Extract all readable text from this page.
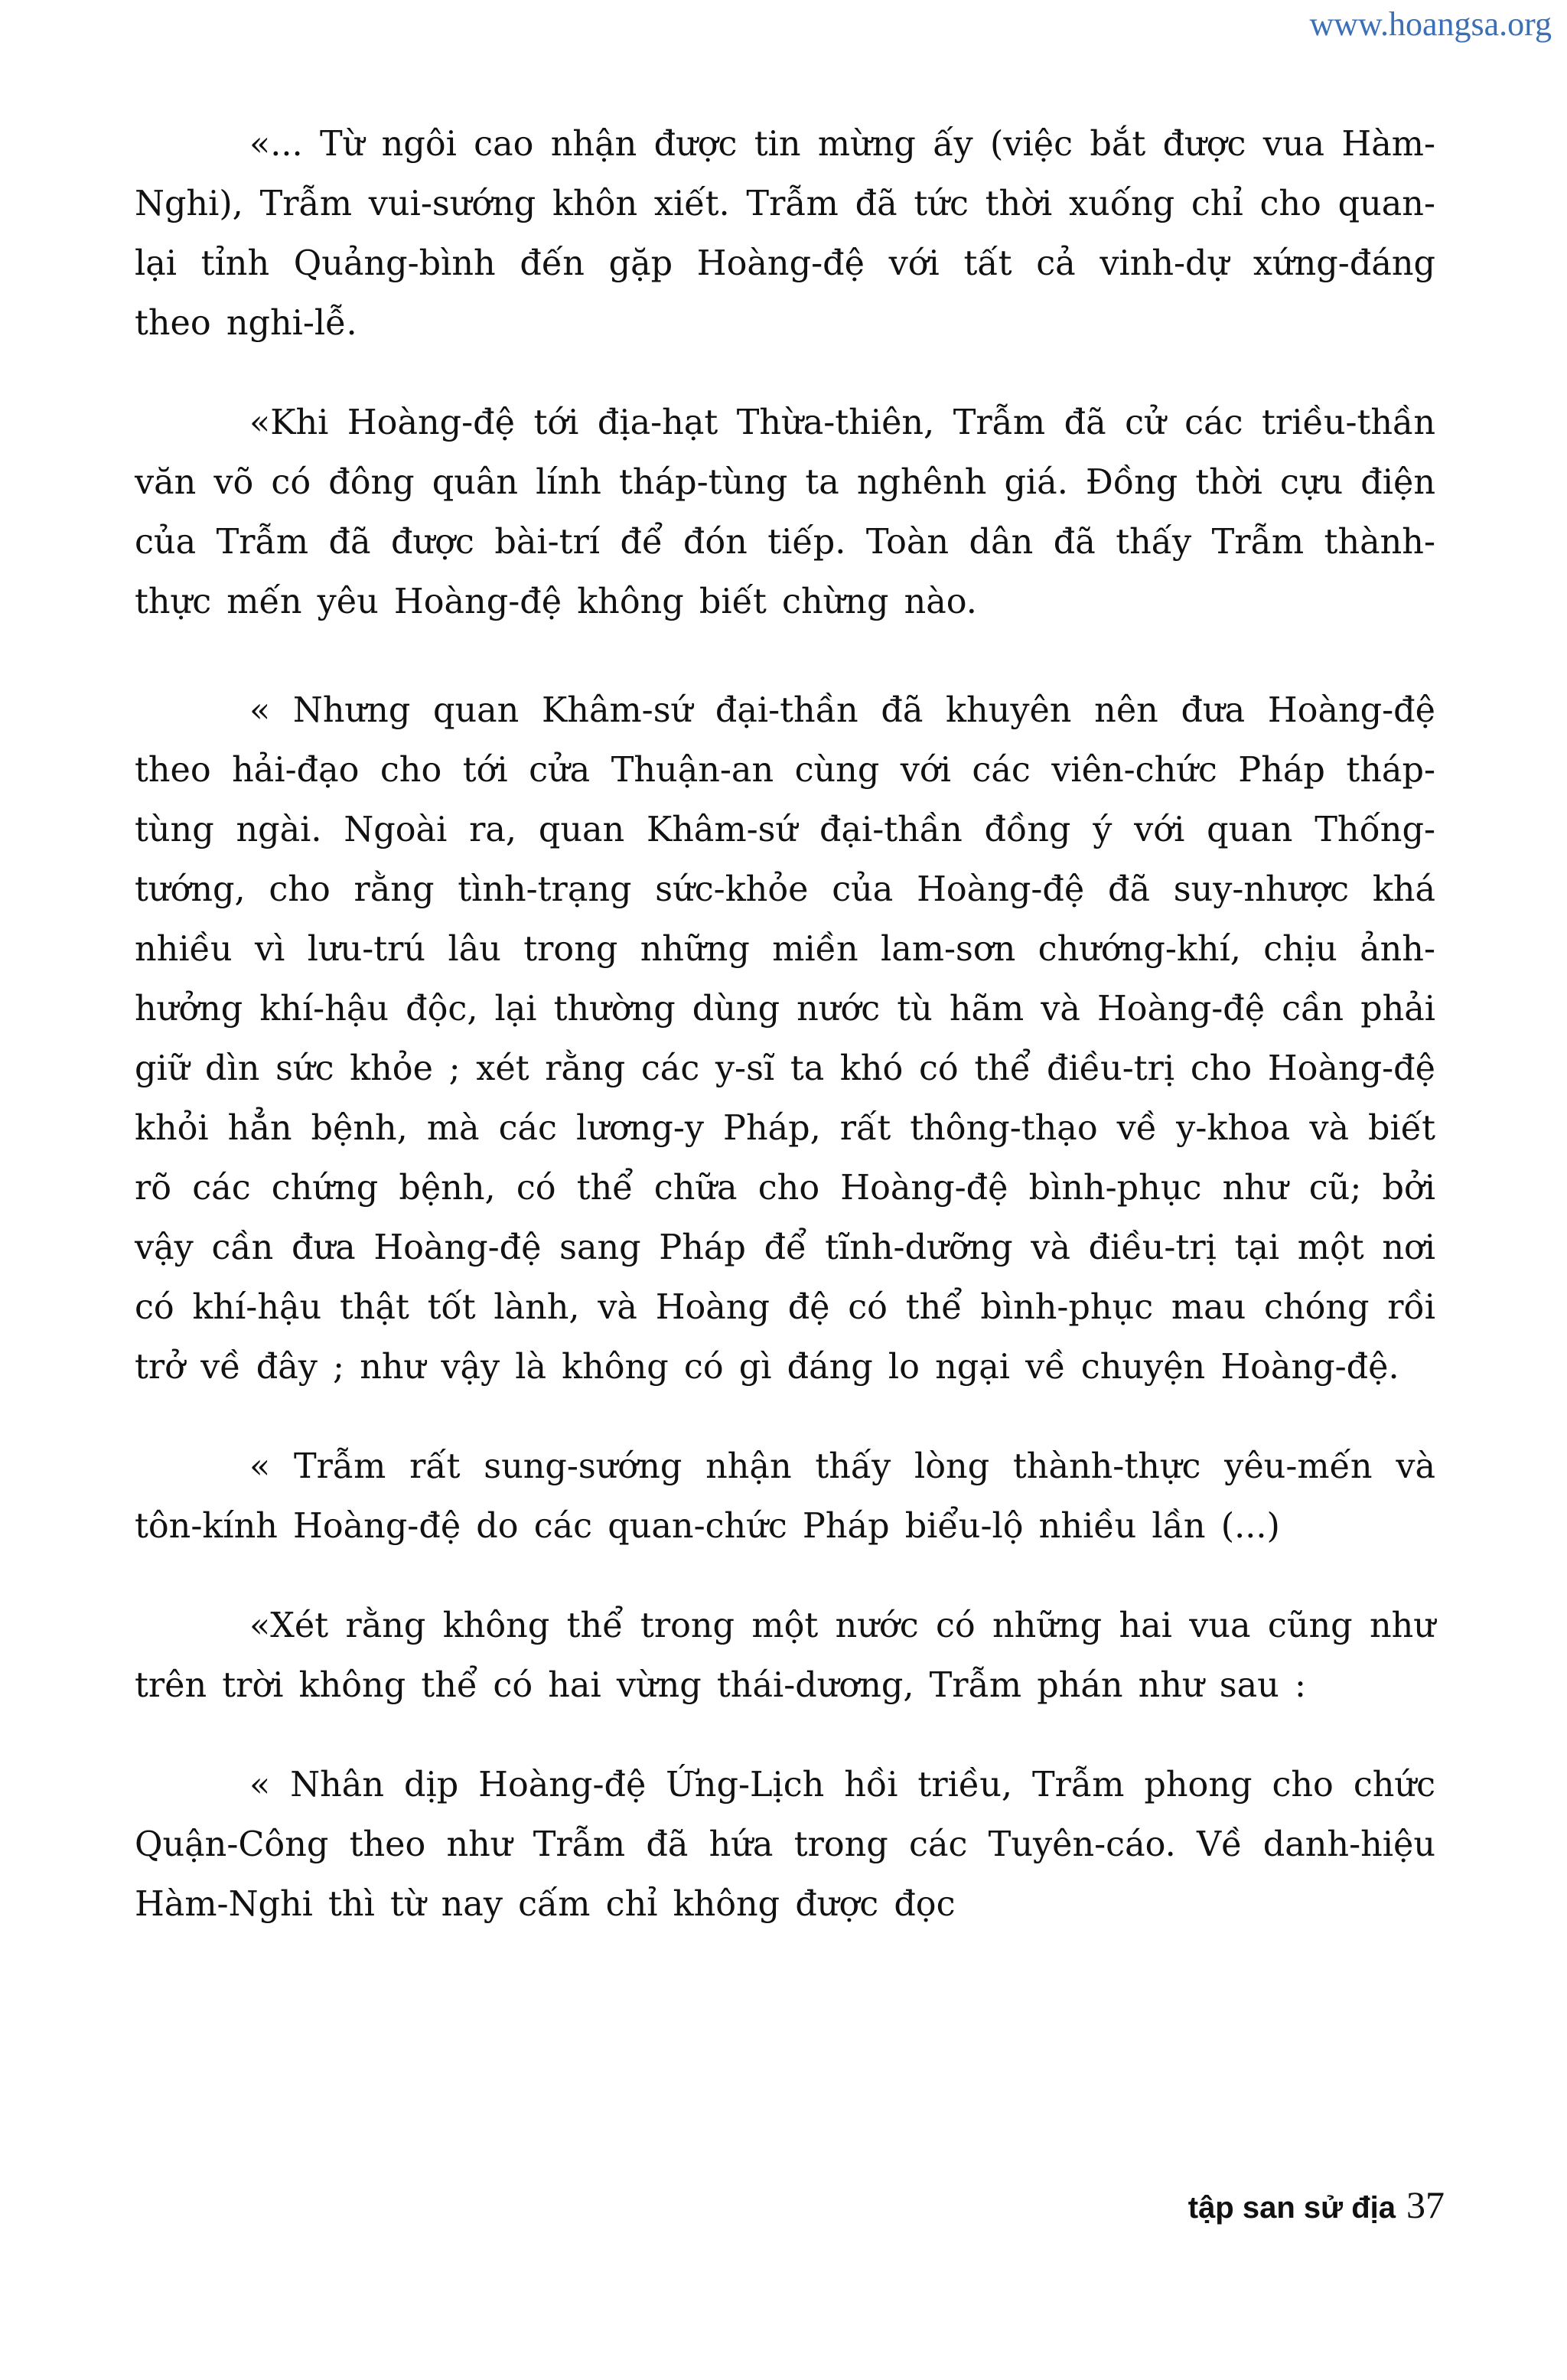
www.hoangsa.org

«... Từ ngôi cao nhận được tin mừng ấy (việc bắt được vua Hàm-Nghi), Trẫm vui-sướng khôn xiết. Trẫm đã tức thời xuống chỉ cho quan-lại tỉnh Quảng-bình đến gặp Hoàng-đệ với tất cả vinh-dự xứng-đáng theo nghi-lễ.

«Khi Hoàng-đệ tới địa-hạt Thừa-thiên, Trẫm đã cử các triều-thần văn võ có đông quân lính tháp-tùng ta nghênh giá. Đồng thời cựu điện của Trẫm đã được bài-trí để đón tiếp. Toàn dân đã thấy Trẫm thành-thực mến yêu Hoàng-đệ không biết chừng nào.

« Nhưng quan Khâm-sứ đại-thần đã khuyên nên đưa Hoàng-đệ theo hải-đạo cho tới cửa Thuận-an cùng với các viên-chức Pháp tháp-tùng ngài. Ngoài ra, quan Khâm-sứ đại-thần đồng ý với quan Thống-tướng, cho rằng tình-trạng sức-khỏe của Hoàng-đệ đã suy-nhược khá nhiều vì lưu-trú lâu trong những miền lam-sơn chướng-khí, chịu ảnh-hưởng khí-hậu độc, lại thường dùng nước tù hãm và Hoàng-đệ cần phải giữ dìn sức khỏe ; xét rằng các y-sĩ ta khó có thể điều-trị cho Hoàng-đệ khỏi hẳn bệnh, mà các lương-y Pháp, rất thông-thạo về y-khoa và biết rõ các chứng bệnh, có thể chữa cho Hoàng-đệ bình-phục như cũ; bởi vậy cần đưa Hoàng-đệ sang Pháp để tĩnh-dưỡng và điều-trị tại một nơi có khí-hậu thật tốt lành, và Hoàng đệ có thể bình-phục mau chóng rồi trở về đây ; như vậy là không có gì đáng lo ngại về chuyện Hoàng-đệ.

« Trẫm rất sung-sướng nhận thấy lòng thành-thực yêu-mến và tôn-kính Hoàng-đệ do các quan-chức Pháp biểu-lộ nhiều lần (...)

«Xét rằng không thể trong một nước có những hai vua cũng như trên trời không thể có hai vừng thái-dương, Trẫm phán như sau :

« Nhân dịp Hoàng-đệ Ứng-Lịch hồi triều, Trẫm phong cho chức Quận-Công theo như Trẫm đã hứa trong các Tuyên-cáo. Về danh-hiệu Hàm-Nghi thì từ nay cấm chỉ không được đọc

tập san sử địa 37
